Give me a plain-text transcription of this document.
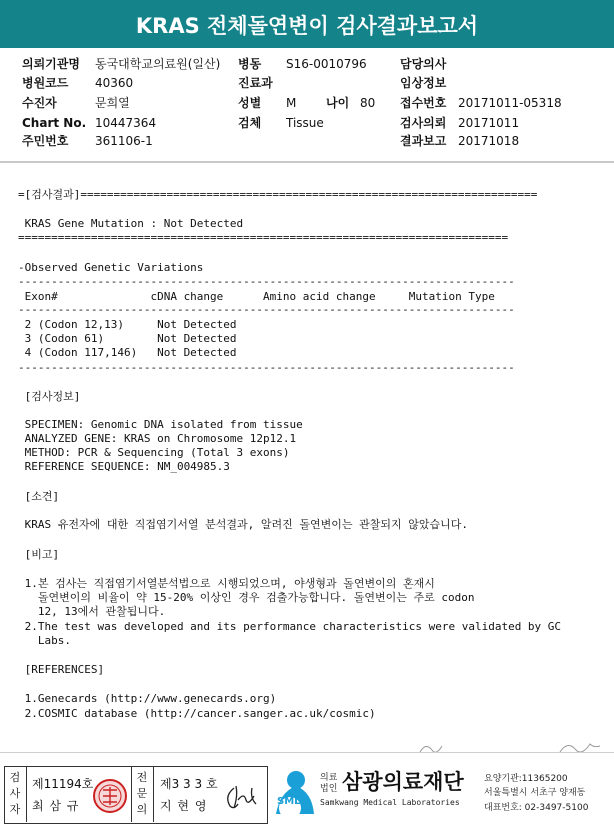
KRAS 전체돌연변이 검사결과보고서
의뢰기관명 동국대학교의료원(일산)
병원코드 40360
수진자	문희열
Chart No. 10447364
주민번호 361106-1
병동 S16-0010796
진료과
성별 M 나이 80
검체 Tissue
담당의사
임상정보
접수번호 20171011-05318
검사의뢰 20171011
결과보고 20171018
=[검사결과]=====================================================================
KRAS Gene Mutation : Not Detected
==========================================================================
-Observed Genetic Variations
---------------------------------------------------------------------------
Exon#              cDNA change      Amino acid change     Mutation Type
---------------------------------------------------------------------------
2 (Codon 12,13)     Not Detected
3 (Codon 61)        Not Detected
4 (Codon 117,146)   Not Detected
---------------------------------------------------------------------------
[검사정보]
SPECIMEN: Genomic DNA isolated from tissue
ANALYZED GENE: KRAS on Chromosome 12p12.1
METHOD: PCR & Sequencing (Total 3 exons)
REFERENCE SEQUENCE: NM_004985.3
[소견]
KRAS 유전자에 대한 직접염기서열 분석결과, 알려진 돌연변이는 관찰되지 않았습니다.
[비고]
1.본 검사는 직접염기서열분석법으로 시행되었으며, 야생형과 돌연변이의 혼재시
돌연변이의 비율이 약 15-20% 이상인 경우 검출가능합니다. 돌연변이는 주로 codon
12, 13에서 관찰됩니다.
2.The test was developed and its performance characteristics were validated by GC
Labs.
[REFERENCES]
1.Genecards (http://www.genecards.org)
2.COSMIC database (http://cancer.sanger.ac.uk/cosmic)
검사자
제11194호
최 삼 규
전문의
제3 3 3 호
지 현 영	SML
의료
법인 삼광의료재단
Samkwang Medical Laboratories
요양기관:11365200
서울특별시 서초구 양재동
대표번호: 02-3497-5100
